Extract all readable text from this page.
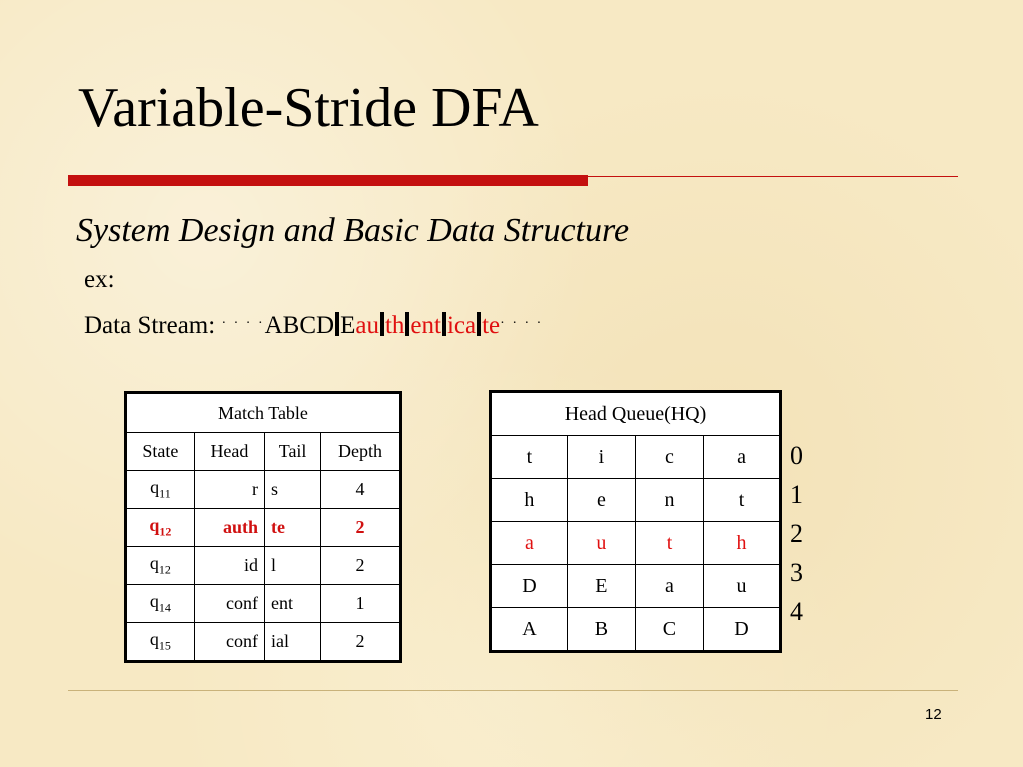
Variable-Stride DFA
System Design and Basic Data Structure
ex:
Data Stream: · · · ·ABCD Eau th ent ica te· · · ·
Match Table			
State	Head	Tail	Depth
$q_{11}$	r	s	4
$q_{12}$	auth	te	2
$q_{12}$	id	l	2
$q_{14}$	conf	ent	1
$q_{15}$	conf	ial	2
Head Queue(HQ)			
t	i	c	a
h	e	n	t
a	u	t	h
D	E	a	u
A	B	C	D
0
1
2
3
4
12
